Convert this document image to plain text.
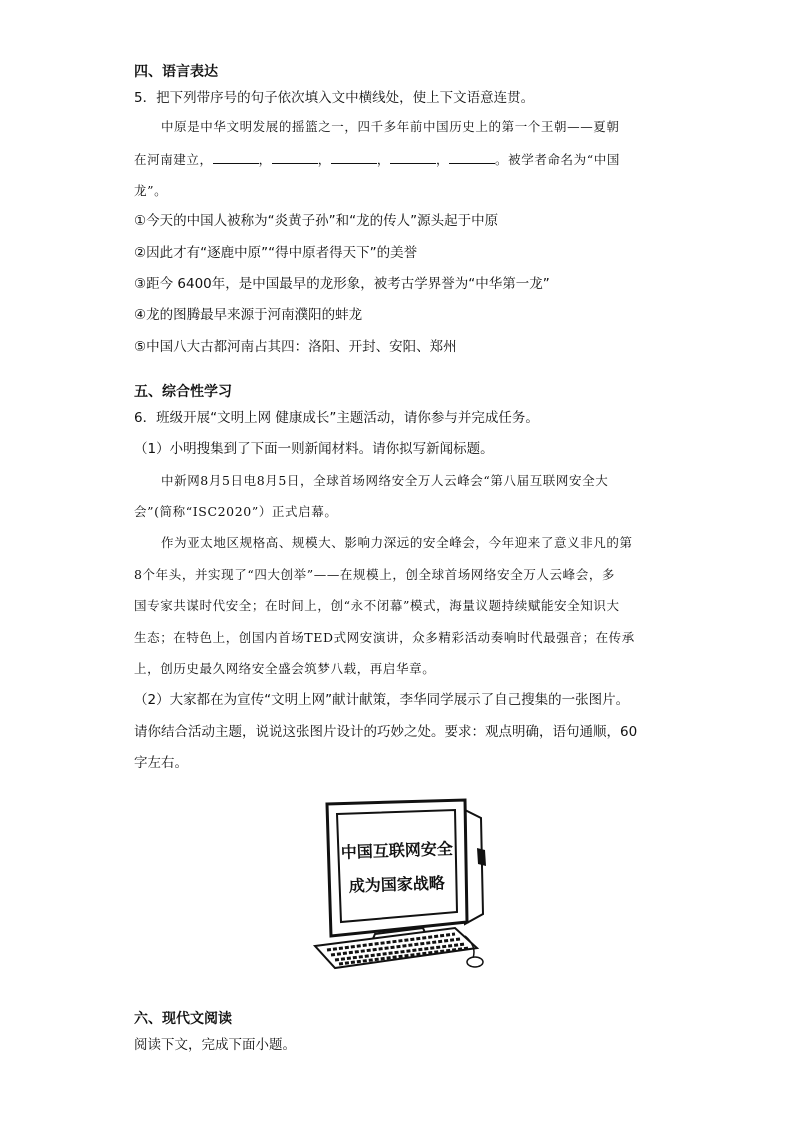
四、语言表达
5．把下列带序号的句子依次填入文中横线处，使上下文语意连贯。
中原是中华文明发展的摇篮之一，四千多年前中国历史上的第一个王朝——夏朝
在河南建立，	，	，	，	，	。被学者命名为“中国
龙”。
①今天的中国人被称为“炎黄子孙”和“龙的传人”源头起于中原
②因此才有“逐鹿中原”“得中原者得天下”的美誉
③距今 6400年，是中国最早的龙形象，被考古学界誉为“中华第一龙”
④龙的图腾最早来源于河南濮阳的蚌龙
⑤中国八大古都河南占其四：洛阳、开封、安阳、郑州
五、综合性学习
6．班级开展“文明上网 健康成长”主题活动，请你参与并完成任务。
（1）小明搜集到了下面一则新闻材料。请你拟写新闻标题。
中新网8月5日电8月5日，全球首场网络安全万人云峰会“第八届互联网安全大
会”(简称“ISC2020”）正式启幕。
作为亚太地区规格高、规模大、影响力深远的安全峰会，今年迎来了意义非凡的第
8个年头，并实现了“四大创举”——在规模上，创全球首场网络安全万人云峰会，多
国专家共谋时代安全；在时间上，创“永不闭幕”模式，海量议题持续赋能安全知识大
生态；在特色上，创国内首场TED式网安演讲，众多精彩活动奏响时代最强音；在传承
上，创历史最久网络安全盛会筑梦八载，再启华章。
（2）大家都在为宣传“文明上网”献计献策，李华同学展示了自己搜集的一张图片。
请你结合活动主题，说说这张图片设计的巧妙之处。要求：观点明确，语句通顺，60
字左右。
中国互联网安全
成为国家战略
六、现代文阅读
阅读下文，完成下面小题。
